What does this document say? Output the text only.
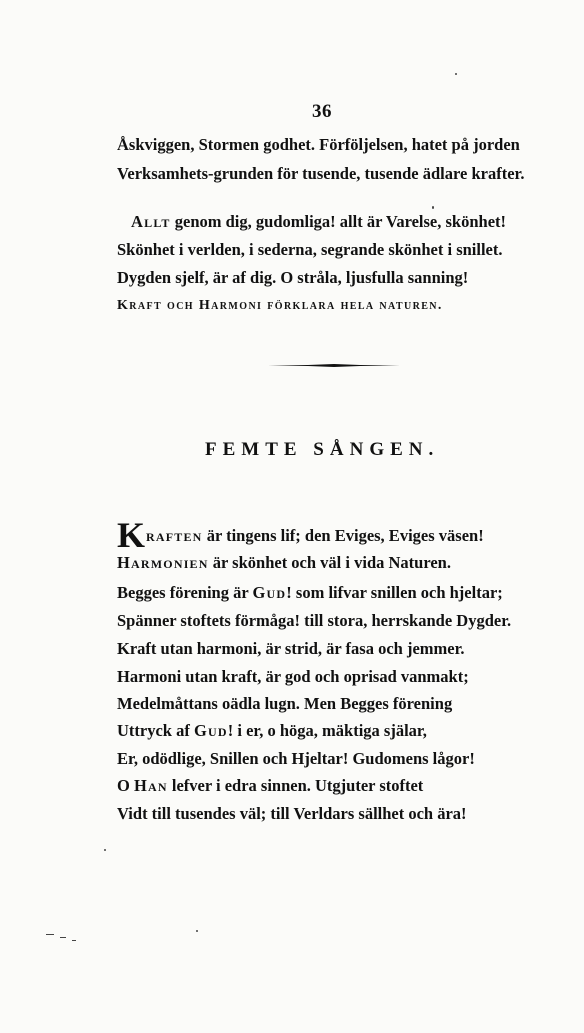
36
Åskviggen, Stormen godhet. Förföljelsen, hatet på jorden
Verksamhets-grunden för tusende, tusende ädlare krafter.
Allt genom dig, gudomliga! allt är Varelse, skönhet!
Skönhet i verlden, i sederna, segrande skönhet i snillet.
Dygden sjelf, är af dig. O stråla, ljusfulla sanning!
Kraft och Harmoni förklara hela naturen.
FEMTE SÅNGEN.
Kraften är tingens lif; den Eviges, Eviges väsen!
Harmonien är skönhet och väl i vida Naturen.
Begges förening är Gud! som lifvar snillen och hjeltar;
Spänner stoftets förmåga! till stora, herrskande Dygder.
Kraft utan harmoni, är strid, är fasa och jemmer.
Harmoni utan kraft, är god och oprisad vanmakt;
Medelmåttans oädla lugn. Men Begges förening
Uttryck af Gud! i er, o höga, mäktiga själar,
Er, odödlige, Snillen och Hjeltar! Gudomens lågor!
O Han lefver i edra sinnen. Utgjuter stoftet
Vidt till tusendes väl; till Verldars sällhet och ära!
